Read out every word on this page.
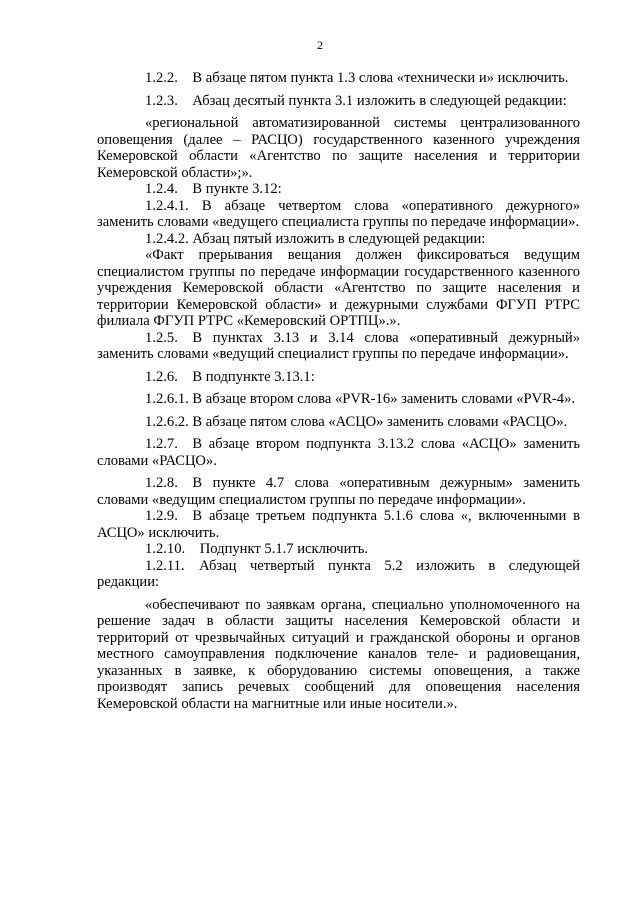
2

1.2.2. В абзаце пятом пункта 1.3 слова «технически и» исключить.

1.2.3. Абзац десятый пункта 3.1 изложить в следующей редакции:

«региональной автоматизированной системы централизованного оповещения (далее – РАСЦО) государственного казенного учреждения Кемеровской области «Агентство по защите населения и территории Кемеровской области»;».

1.2.4. В пункте 3.12:

1.2.4.1. В абзаце четвертом слова «оперативного дежурного» заменить словами «ведущего специалиста группы по передаче информации».

1.2.4.2. Абзац пятый изложить в следующей редакции:

«Факт прерывания вещания должен фиксироваться ведущим специалистом группы по передаче информации государственного казенного учреждения Кемеровской области «Агентство по защите населения и территории Кемеровской области» и дежурными службами ФГУП РТРС филиала ФГУП РТРС «Кемеровский ОРТПЦ».».

1.2.5. В пунктах 3.13 и 3.14 слова «оперативный дежурный» заменить словами «ведущий специалист группы по передаче информации».

1.2.6. В подпункте 3.13.1:

1.2.6.1. В абзаце втором слова «PVR-16» заменить словами «PVR-4».

1.2.6.2. В абзаце пятом слова «АСЦО» заменить словами «РАСЦО».

1.2.7. В абзаце втором подпункта 3.13.2 слова «АСЦО» заменить словами «РАСЦО».

1.2.8. В пункте 4.7 слова «оперативным дежурным» заменить словами «ведущим специалистом группы по передаче информации».

1.2.9. В абзаце третьем подпункта 5.1.6 слова «, включенными в АСЦО» исключить.

1.2.10. Подпункт 5.1.7 исключить.

1.2.11. Абзац четвертый пункта 5.2 изложить в следующей редакции:

«обеспечивают по заявкам органа, специально уполномоченного на решение задач в области защиты населения Кемеровской области и территорий от чрезвычайных ситуаций и гражданской обороны и органов местного самоуправления подключение каналов теле- и радиовещания, указанных в заявке, к оборудованию системы оповещения, а также производят запись речевых сообщений для оповещения населения Кемеровской области на магнитные или иные носители.».
